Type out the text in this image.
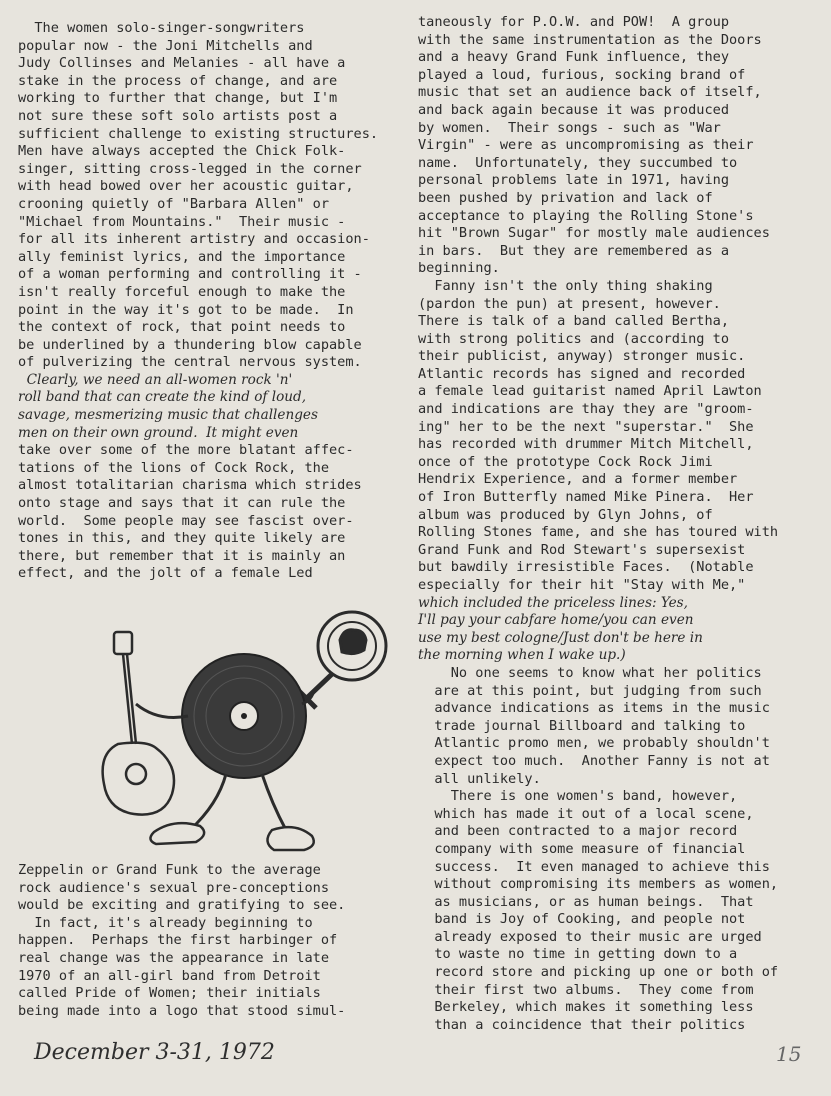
The women solo-singer-songwriters
popular now - the Joni Mitchells and
Judy Collinses and Melanies - all have a
stake in the process of change, and are
working to further that change, but I'm
not sure these soft solo artists post a
sufficient challenge to existing structures.
Men have always accepted the Chick Folk-
singer, sitting cross-legged in the corner
with head bowed over her acoustic guitar,
crooning quietly of "Barbara Allen" or
"Michael from Mountains."  Their music -
for all its inherent artistry and occasion-
ally feminist lyrics, and the importance
of a woman performing and controlling it -
isn't really forceful enough to make the
point in the way it's got to be made.  In
the context of rock, that point needs to
be underlined by a thundering blow capable
of pulverizing the central nervous system.
Clearly, we need an all-women rock 'n'
roll band that can create the kind of loud,
savage, mesmerizing music that challenges
men on their own ground.  It might even
take over some of the more blatant affec-
tations of the lions of Cock Rock, the
almost totalitarian charisma which strides
onto stage and says that it can rule the
world.  Some people may see fascist over-
tones in this, and they quite likely are
there, but remember that it is mainly an
effect, and the jolt of a female Led
Zeppelin or Grand Funk to the average
rock audience's sexual pre-conceptions
would be exciting and gratifying to see.
In fact, it's already beginning to
happen.  Perhaps the first harbinger of
real change was the appearance in late
1970 of an all-girl band from Detroit
called Pride of Women; their initials
being made into a logo that stood simul-
taneously for P.O.W. and POW!  A group
with the same instrumentation as the Doors
and a heavy Grand Funk influence, they
played a loud, furious, socking brand of
music that set an audience back of itself,
and back again because it was produced
by women.  Their songs - such as "War
Virgin" - were as uncompromising as their
name.  Unfortunately, they succumbed to
personal problems late in 1971, having
been pushed by privation and lack of
acceptance to playing the Rolling Stone's
hit "Brown Sugar" for mostly male audiences
in bars.  But they are remembered as a
beginning.
Fanny isn't the only thing shaking
(pardon the pun) at present, however.
There is talk of a band called Bertha,
with strong politics and (according to
their publicist, anyway) stronger music.
Atlantic records has signed and recorded
a female lead guitarist named April Lawton
and indications are thay they are "groom-
ing" her to be the next "superstar."  She
has recorded with drummer Mitch Mitchell,
once of the prototype Cock Rock Jimi
Hendrix Experience, and a former member
of Iron Butterfly named Mike Pinera.  Her
album was produced by Glyn Johns, of
Rolling Stones fame, and she has toured with
Grand Funk and Rod Stewart's supersexist
but bawdily irresistible Faces.  (Notable
especially for their hit "Stay with Me,"
which included the priceless lines: Yes,
I'll pay your cabfare home/you can even
use my best cologne/Just don't be here in
the morning when I wake up.)
No one seems to know what her politics
are at this point, but judging from such
advance indications as items in the music
trade journal Billboard and talking to
Atlantic promo men, we probably shouldn't
expect too much.  Another Fanny is not at
all unlikely.
There is one women's band, however,
which has made it out of a local scene,
and been contracted to a major record
company with some measure of financial
success.  It even managed to achieve this
without compromising its members as women,
as musicians, or as human beings.  That
band is Joy of Cooking, and people not
already exposed to their music are urged
to waste no time in getting down to a
record store and picking up one or both of
their first two albums.  They come from
Berkeley, which makes it something less
than a coincidence that their politics
December 3-31, 1972	15
